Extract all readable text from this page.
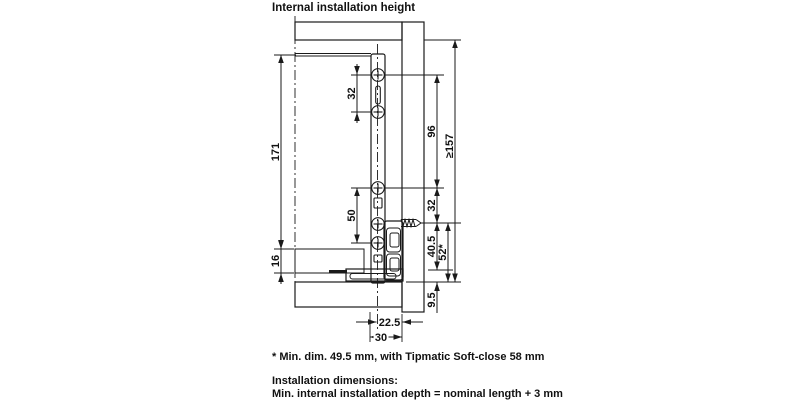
Internal installation height
171
16
32
50
96
≥157
32
40.5 52*
9.5
22.5
30
* Min. dim. 49.5 mm, with Tipmatic Soft-close 58 mm
Installation dimensions:
Min. internal installation depth = nominal length + 3 mm
